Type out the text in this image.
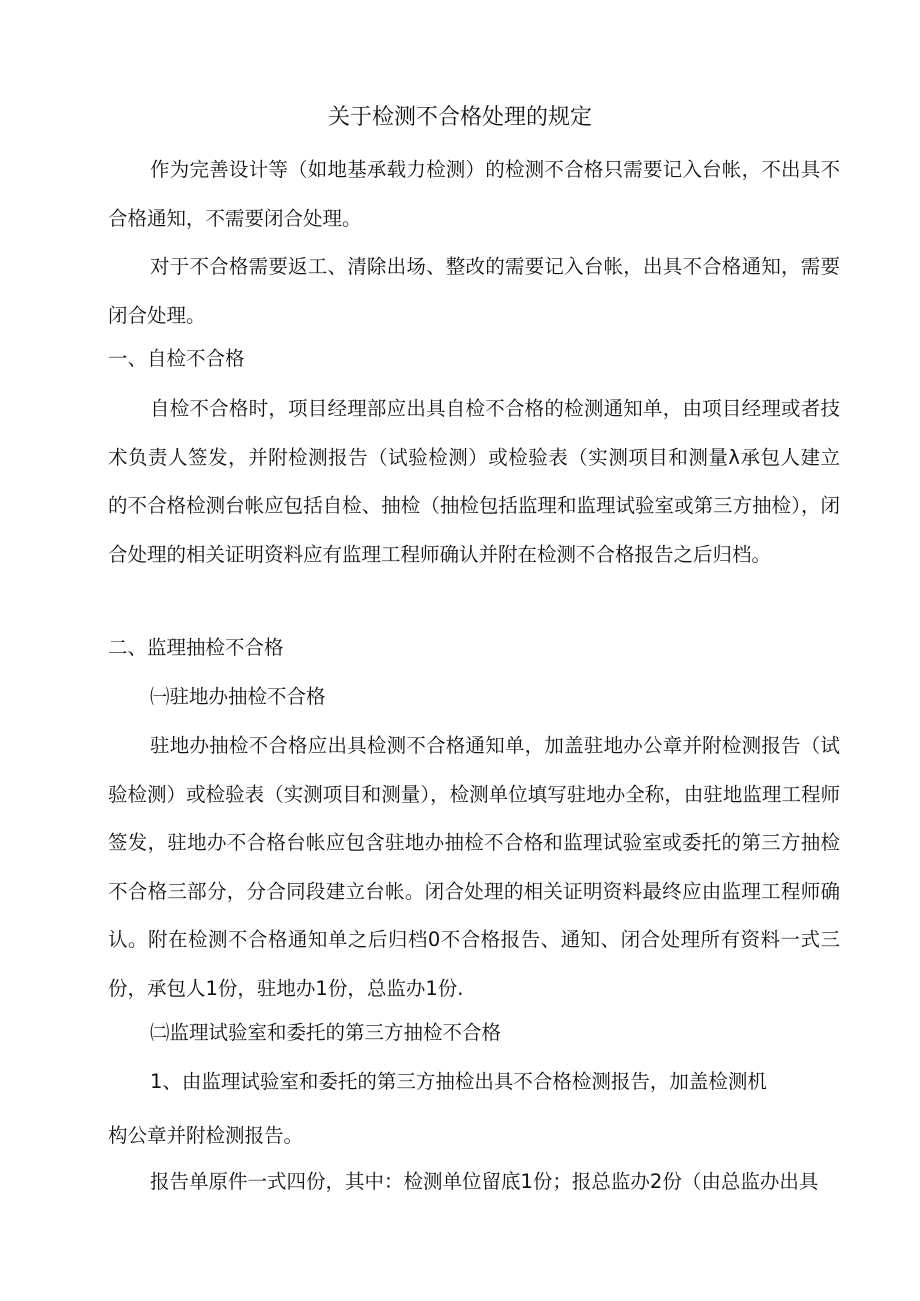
关于检测不合格处理的规定

作为完善设计等（如地基承载力检测）的检测不合格只需要记入台帐，不出具不合格通知，不需要闭合处理。

对于不合格需要返工、清除出场、整改的需要记入台帐，出具不合格通知，需要闭合处理。

一、自检不合格

自检不合格时，项目经理部应出具自检不合格的检测通知单，由项目经理或者技术负责人签发，并附检测报告（试验检测）或检验表（实测项目和测量λ承包人建立的不合格检测台帐应包括自检、抽检（抽检包括监理和监理试验室或第三方抽检），闭合处理的相关证明资料应有监理工程师确认并附在检测不合格报告之后归档。

二、监理抽检不合格

㈠驻地办抽检不合格

驻地办抽检不合格应出具检测不合格通知单，加盖驻地办公章并附检测报告（试验检测）或检验表（实测项目和测量），检测单位填写驻地办全称，由驻地监理工程师签发，驻地办不合格台帐应包含驻地办抽检不合格和监理试验室或委托的第三方抽检不合格三部分，分合同段建立台帐。闭合处理的相关证明资料最终应由监理工程师确认。附在检测不合格通知单之后归档0不合格报告、通知、闭合处理所有资料一式三份，承包人1份，驻地办1份，总监办1份.

㈡监理试验室和委托的第三方抽检不合格

1、由监理试验室和委托的第三方抽检出具不合格检测报告，加盖检测机

构公章并附检测报告。

报告单原件一式四份，其中：检测单位留底1份；报总监办2份（由总监办出具
